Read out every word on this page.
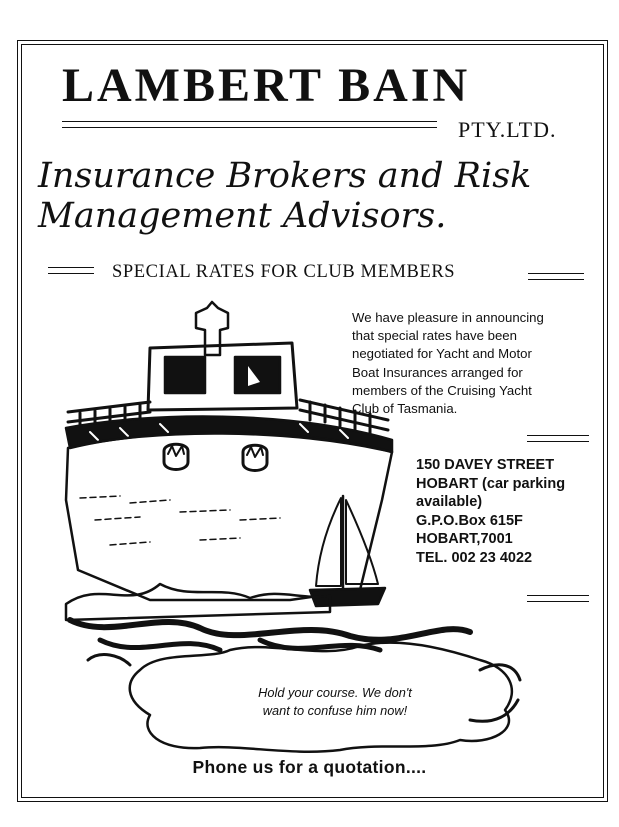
LAMBERT BAIN
PTY.LTD.
Insurance Brokers and Risk
Management Advisors.
SPECIAL RATES FOR CLUB MEMBERS
We have pleasure in announcing
that special rates have been
negotiated for Yacht and Motor
Boat Insurances arranged for
members of the Cruising Yacht
Club of Tasmania.
150 DAVEY STREET
HOBART (car parking
available)
G.P.O.Box 615F
HOBART,7001
TEL. 002 23 4022
Hold your course. We don't
want to confuse him now!
Phone us for a quotation....
